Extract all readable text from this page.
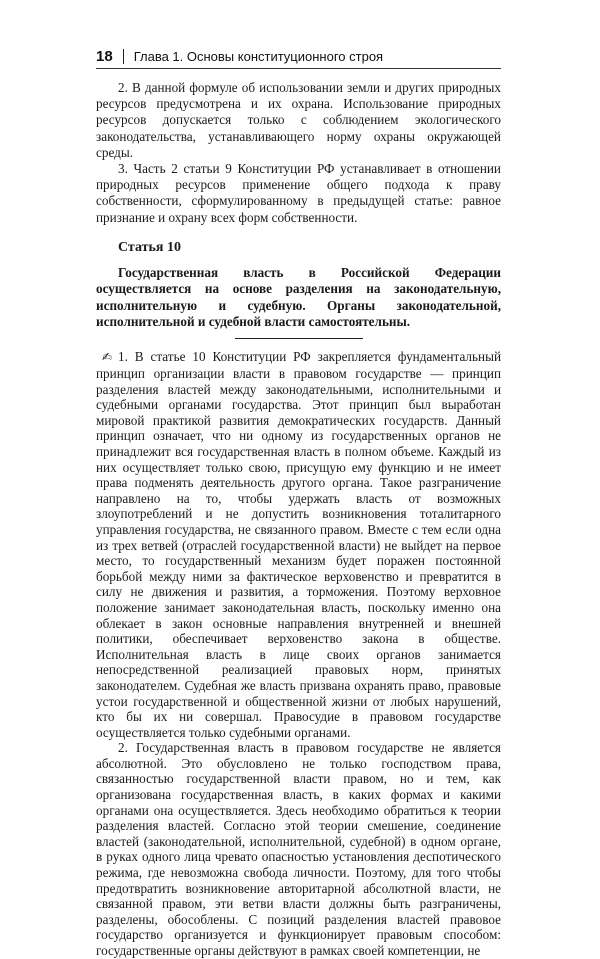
18 Глава 1. Основы конституционного строя

2. В данной формуле об использовании земли и других природных ресурсов предусмотрена и их охрана. Использование природных ресурсов допускается только с соблюдением экологического законодательства, устанавливающего норму охраны окружающей среды.

3. Часть 2 статьи 9 Конституции РФ устанавливает в отношении природных ресурсов применение общего подхода к праву собственности, сформулированному в предыдущей статье: равное признание и охрану всех форм собственности.

Статья 10
Государственная власть в Российской Федерации осуществляется на основе разделения на законодательную, исполнительную и судебную. Органы законодательной, исполнительной и судебной власти самостоятельны.

✍ 1. В статье 10 Конституции РФ закрепляется фундаментальный принцип организации власти в правовом государстве — принцип разделения властей между законодательными, исполнительными и судебными органами государства. Этот принцип был выработан мировой практикой развития демократических государств. Данный принцип означает, что ни одному из государственных органов не принадлежит вся государственная власть в полном объеме. Каждый из них осуществляет только свою, присущую ему функцию и не имеет права подменять деятельность другого органа. Такое разграничение направлено на то, чтобы удержать власть от возможных злоупотреблений и не допустить возникновения тоталитарного управления государства, не связанного правом. Вместе с тем если одна из трех ветвей (отраслей государственной власти) не выйдет на первое место, то государственный механизм будет поражен постоянной борьбой между ними за фактическое верховенство и превратится в силу не движения и развития, а торможения. Поэтому верховное положение занимает законодательная власть, поскольку именно она облекает в закон основные направления внутренней и внешней политики, обеспечивает верховенство закона в обществе. Исполнительная власть в лице своих органов занимается непосредственной реализацией правовых норм, принятых законодателем. Судебная же власть призвана охранять право, правовые устои государственной и общественной жизни от любых нарушений, кто бы их ни совершал. Правосудие в правовом государстве осуществляется только судебными органами.

2. Государственная власть в правовом государстве не является абсолютной. Это обусловлено не только господством права, связанностью государственной власти правом, но и тем, как организована государственная власть, в каких формах и какими органами она осуществляется. Здесь необходимо обратиться к теории разделения властей. Согласно этой теории смешение, соединение властей (законодательной, исполнительной, судебной) в одном органе, в руках одного лица чревато опасностью установления деспотического режима, где невозможна свобода личности. Поэтому, для того чтобы предотвратить возникновение авторитарной абсолютной власти, не связанной правом, эти ветви власти должны быть разграничены, разделены, обособлены. С позиций разделения властей правовое государство организуется и функционирует правовым способом: государственные органы действуют в рамках своей компетенции, не
